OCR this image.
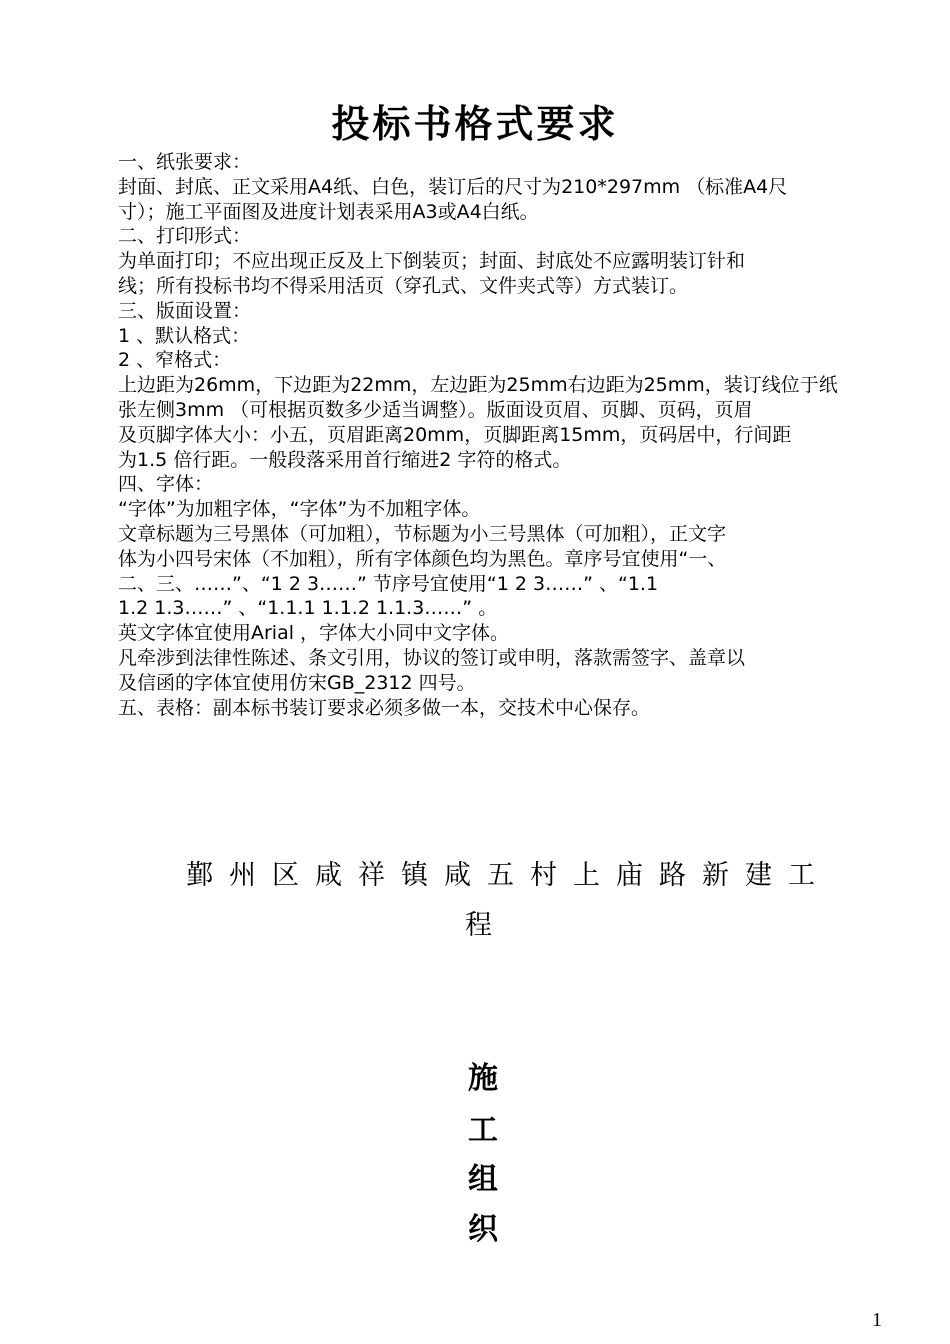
投标书格式要求
一、纸张要求：
封面、封底、正文采用A4纸、白色，装订后的尺寸为210*297mm （标准A4尺
寸）；施工平面图及进度计划表采用A3或A4白纸。
二、打印形式：
为单面打印；不应出现正反及上下倒装页；封面、封底处不应露明装订针和
线；所有投标书均不得采用活页（穿孔式、文件夹式等）方式装订。
三、版面设置：
1 、默认格式：
2 、窄格式：
上边距为26mm，下边距为22mm，左边距为25mm右边距为25mm，装订线位于纸
张左侧3mm （可根据页数多少适当调整）。版面设页眉、页脚、页码，页眉
及页脚字体大小：小五，页眉距离20mm，页脚距离15mm，页码居中，行间距
为1.5 倍行距。一般段落采用首行缩进2 字符的格式。
四、字体：
“字体”为加粗字体，“字体”为不加粗字体。
文章标题为三号黑体（可加粗），节标题为小三号黑体（可加粗），正文字
体为小四号宋体（不加粗），所有字体颜色均为黑色。章序号宜使用“一、
二、三、……”、“1 2 3……” 节序号宜使用“1 2 3……” 、“1.1
1.2 1.3……” 、“1.1.1 1.1.2 1.1.3……” 。
英文字体宜使用Arial ，字体大小同中文字体。
凡牵涉到法律性陈述、条文引用，协议的签订或申明，落款需签字、盖章以
及信函的字体宜使用仿宋GB_2312 四号。
五、表格：副本标书装订要求必须多做一本，交技术中心保存。
鄞州区咸祥镇咸五村上庙路新建工
程
施
工
组
织
1
